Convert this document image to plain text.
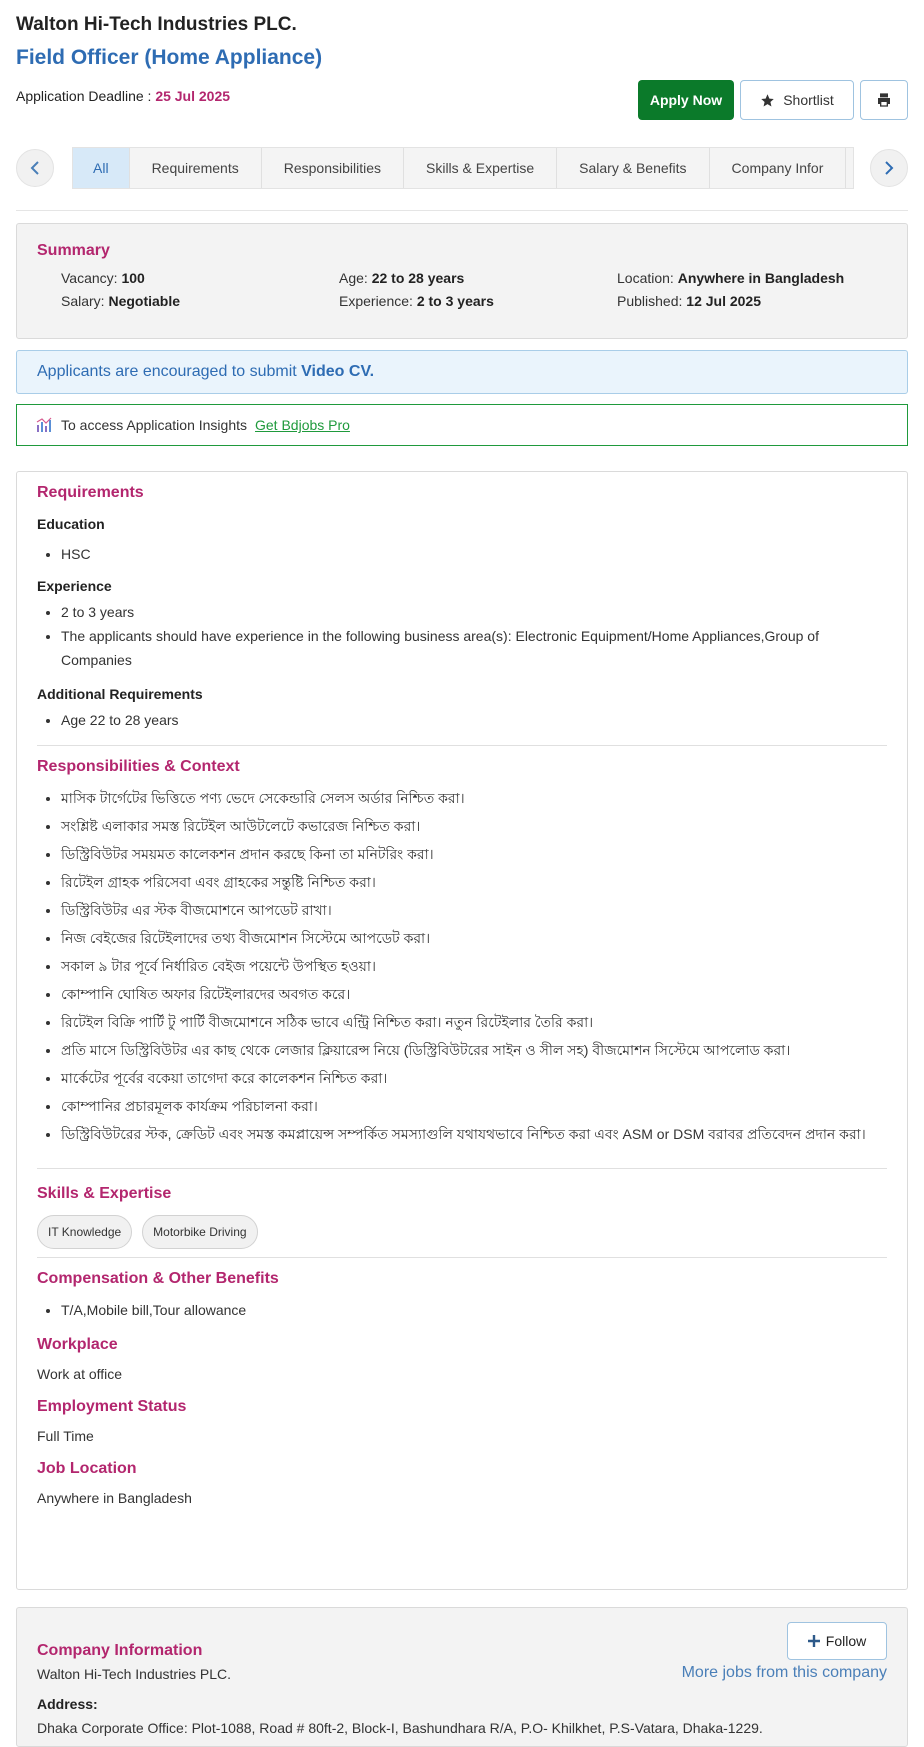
Walton Hi-Tech Industries PLC.
Field Officer (Home Appliance)
Application Deadline : 25 Jul 2025	Apply Now	Shortlist
All	Requirements	Responsibilities	Skills & Expertise	Salary & Benefits	Company Infor
Summary
Vacancy: 100	Age: 22 to 28 years	Location: Anywhere in Bangladesh
Salary: Negotiable	Experience: 2 to 3 years	Published: 12 Jul 2025
Applicants are encouraged to submit
Video CV.
To access Application Insights Get Bdjobs Pro
Requirements
Education
• HSC
Experience
• 2 to 3 years
• The applicants should have experience in the following business area(s): Electronic Equipment/Home Appliances,Group of Companies
Additional Requirements
• Age 22 to 28 years
Responsibilities & Context
• মাসিক টার্গেটের ভিত্তিতে পণ্য ভেদে সেকেন্ডারি সেলস অর্ডার নিশ্চিত করা।
• সংশ্লিষ্ট এলাকার সমস্ত রিটেইল আউটলেটে কভারেজ নিশ্চিত করা।
• ডিস্ট্রিবিউটর সময়মত কালেকশন প্রদান করছে কিনা তা মনিটরিং করা।
• রিটেইল গ্রাহক পরিসেবা এবং গ্রাহকের সন্তুষ্টি নিশ্চিত করা।
• ডিস্ট্রিবিউটর এর স্টক বীজমোশনে আপডেট রাখা।
• নিজ বেইজের রিটেইলাদের তথ্য বীজমোশন সিস্টেমে আপডেট করা।
• সকাল ৯ টার পূর্বে নির্ধারিত বেইজ পয়েন্টে উপস্থিত হওয়া।
• কোম্পানি ঘোষিত অফার রিটেইলারদের অবগত করে।
• রিটেইল বিক্রি পার্টি টু পার্টি বীজমোশনে সঠিক ভাবে এন্ট্রি নিশ্চিত করা। নতুন রিটেইলার তৈরি করা।
• প্রতি মাসে ডিস্ট্রিবিউটর এর কাছ থেকে লেজার ক্লিয়ারেন্স নিয়ে (ডিস্ট্রিবিউটরের সাইন ও সীল সহ) বীজমোশন সিস্টেমে আপলোড করা।
• মার্কেটের পূর্বের বকেয়া তাগেদা করে কালেকশন নিশ্চিত করা।
• কোম্পানির প্রচারমূলক কার্যক্রম পরিচালনা করা।
• ডিস্ট্রিবিউটরের স্টক, ক্রেডিট এবং সমস্ত কমপ্লায়েন্স সম্পর্কিত সমস্যাগুলি যথাযথভাবে নিশ্চিত করা এবং ASM or DSM বরাবর প্রতিবেদন প্রদান করা।
Skills & Expertise
IT Knowledge	Motorbike Driving
Compensation & Other Benefits
• T/A,Mobile bill,Tour allowance
Workplace
Work at office
Employment Status
Full Time
Job Location
Anywhere in Bangladesh
Company Information
Walton Hi-Tech Industries PLC.
Address:
Dhaka Corporate Office: Plot-1088, Road # 80ft-2, Block-I, Bashundhara R/A, P.O- Khilkhet, P.S-Vatara, Dhaka-1229.
Follow
More jobs from this company
